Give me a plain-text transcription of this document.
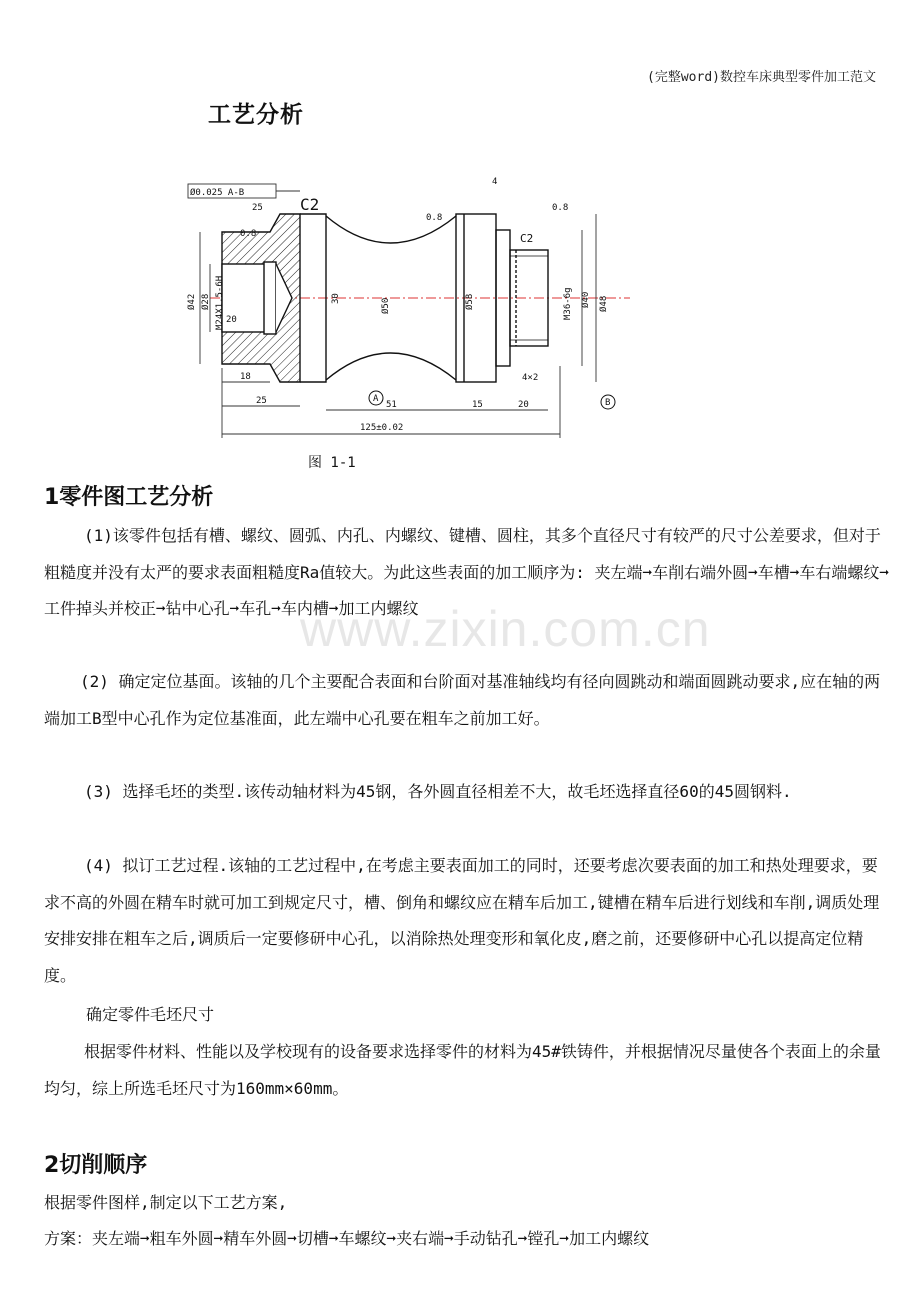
(完整word)数控车床典型零件加工范文
工艺分析
Ø0.025 A-B
C2
C2
25
4
0.8
0.8
0.8
Ø42 Ø28 M24X1.5-6H	30
20
Ø50	Ø58	M36-6g Ø40 Ø48
18
25	51	15	20
4×2
A	B
125±0.02
图 1-1
www.zixin.com.cn
1零件图工艺分析
(1)该零件包括有槽、螺纹、圆弧、内孔、内螺纹、键槽、圆柱，其多个直径尺寸有较严的尺寸公差要求，但对于粗糙度并没有太严的要求表面粗糙度Ra值较大。为此这些表面的加工顺序为: 夹左端➞车削右端外圆➞车槽➞车右端螺纹➞工件掉头并校正➞钻中心孔➞车孔➞车内槽➞加工内螺纹
(2) 确定定位基面。该轴的几个主要配合表面和台阶面对基准轴线均有径向圆跳动和端面圆跳动要求,应在轴的两端加工B型中心孔作为定位基准面，此左端中心孔要在粗车之前加工好。
(3) 选择毛坯的类型.该传动轴材料为45钢，各外圆直径相差不大，故毛坯选择直径60的45圆钢料.
(4) 拟订工艺过程.该轴的工艺过程中,在考虑主要表面加工的同时，还要考虑次要表面的加工和热处理要求，要求不高的外圆在精车时就可加工到规定尺寸，槽、倒角和螺纹应在精车后加工,键槽在精车后进行划线和车削,调质处理安排安排在粗车之后,调质后一定要修研中心孔，以消除热处理变形和氧化皮,磨之前，还要修研中心孔以提高定位精度。
确定零件毛坯尺寸
根据零件材料、性能以及学校现有的设备要求选择零件的材料为45#铁铸件，并根据情况尽量使各个表面上的余量均匀，综上所选毛坯尺寸为160mm×60mm。
2切削顺序
根据零件图样,制定以下工艺方案,
方案：夹左端➞粗车外圆➞精车外圆➞切槽➞车螺纹➞夹右端➞手动钻孔➞镗孔➞加工内螺纹
